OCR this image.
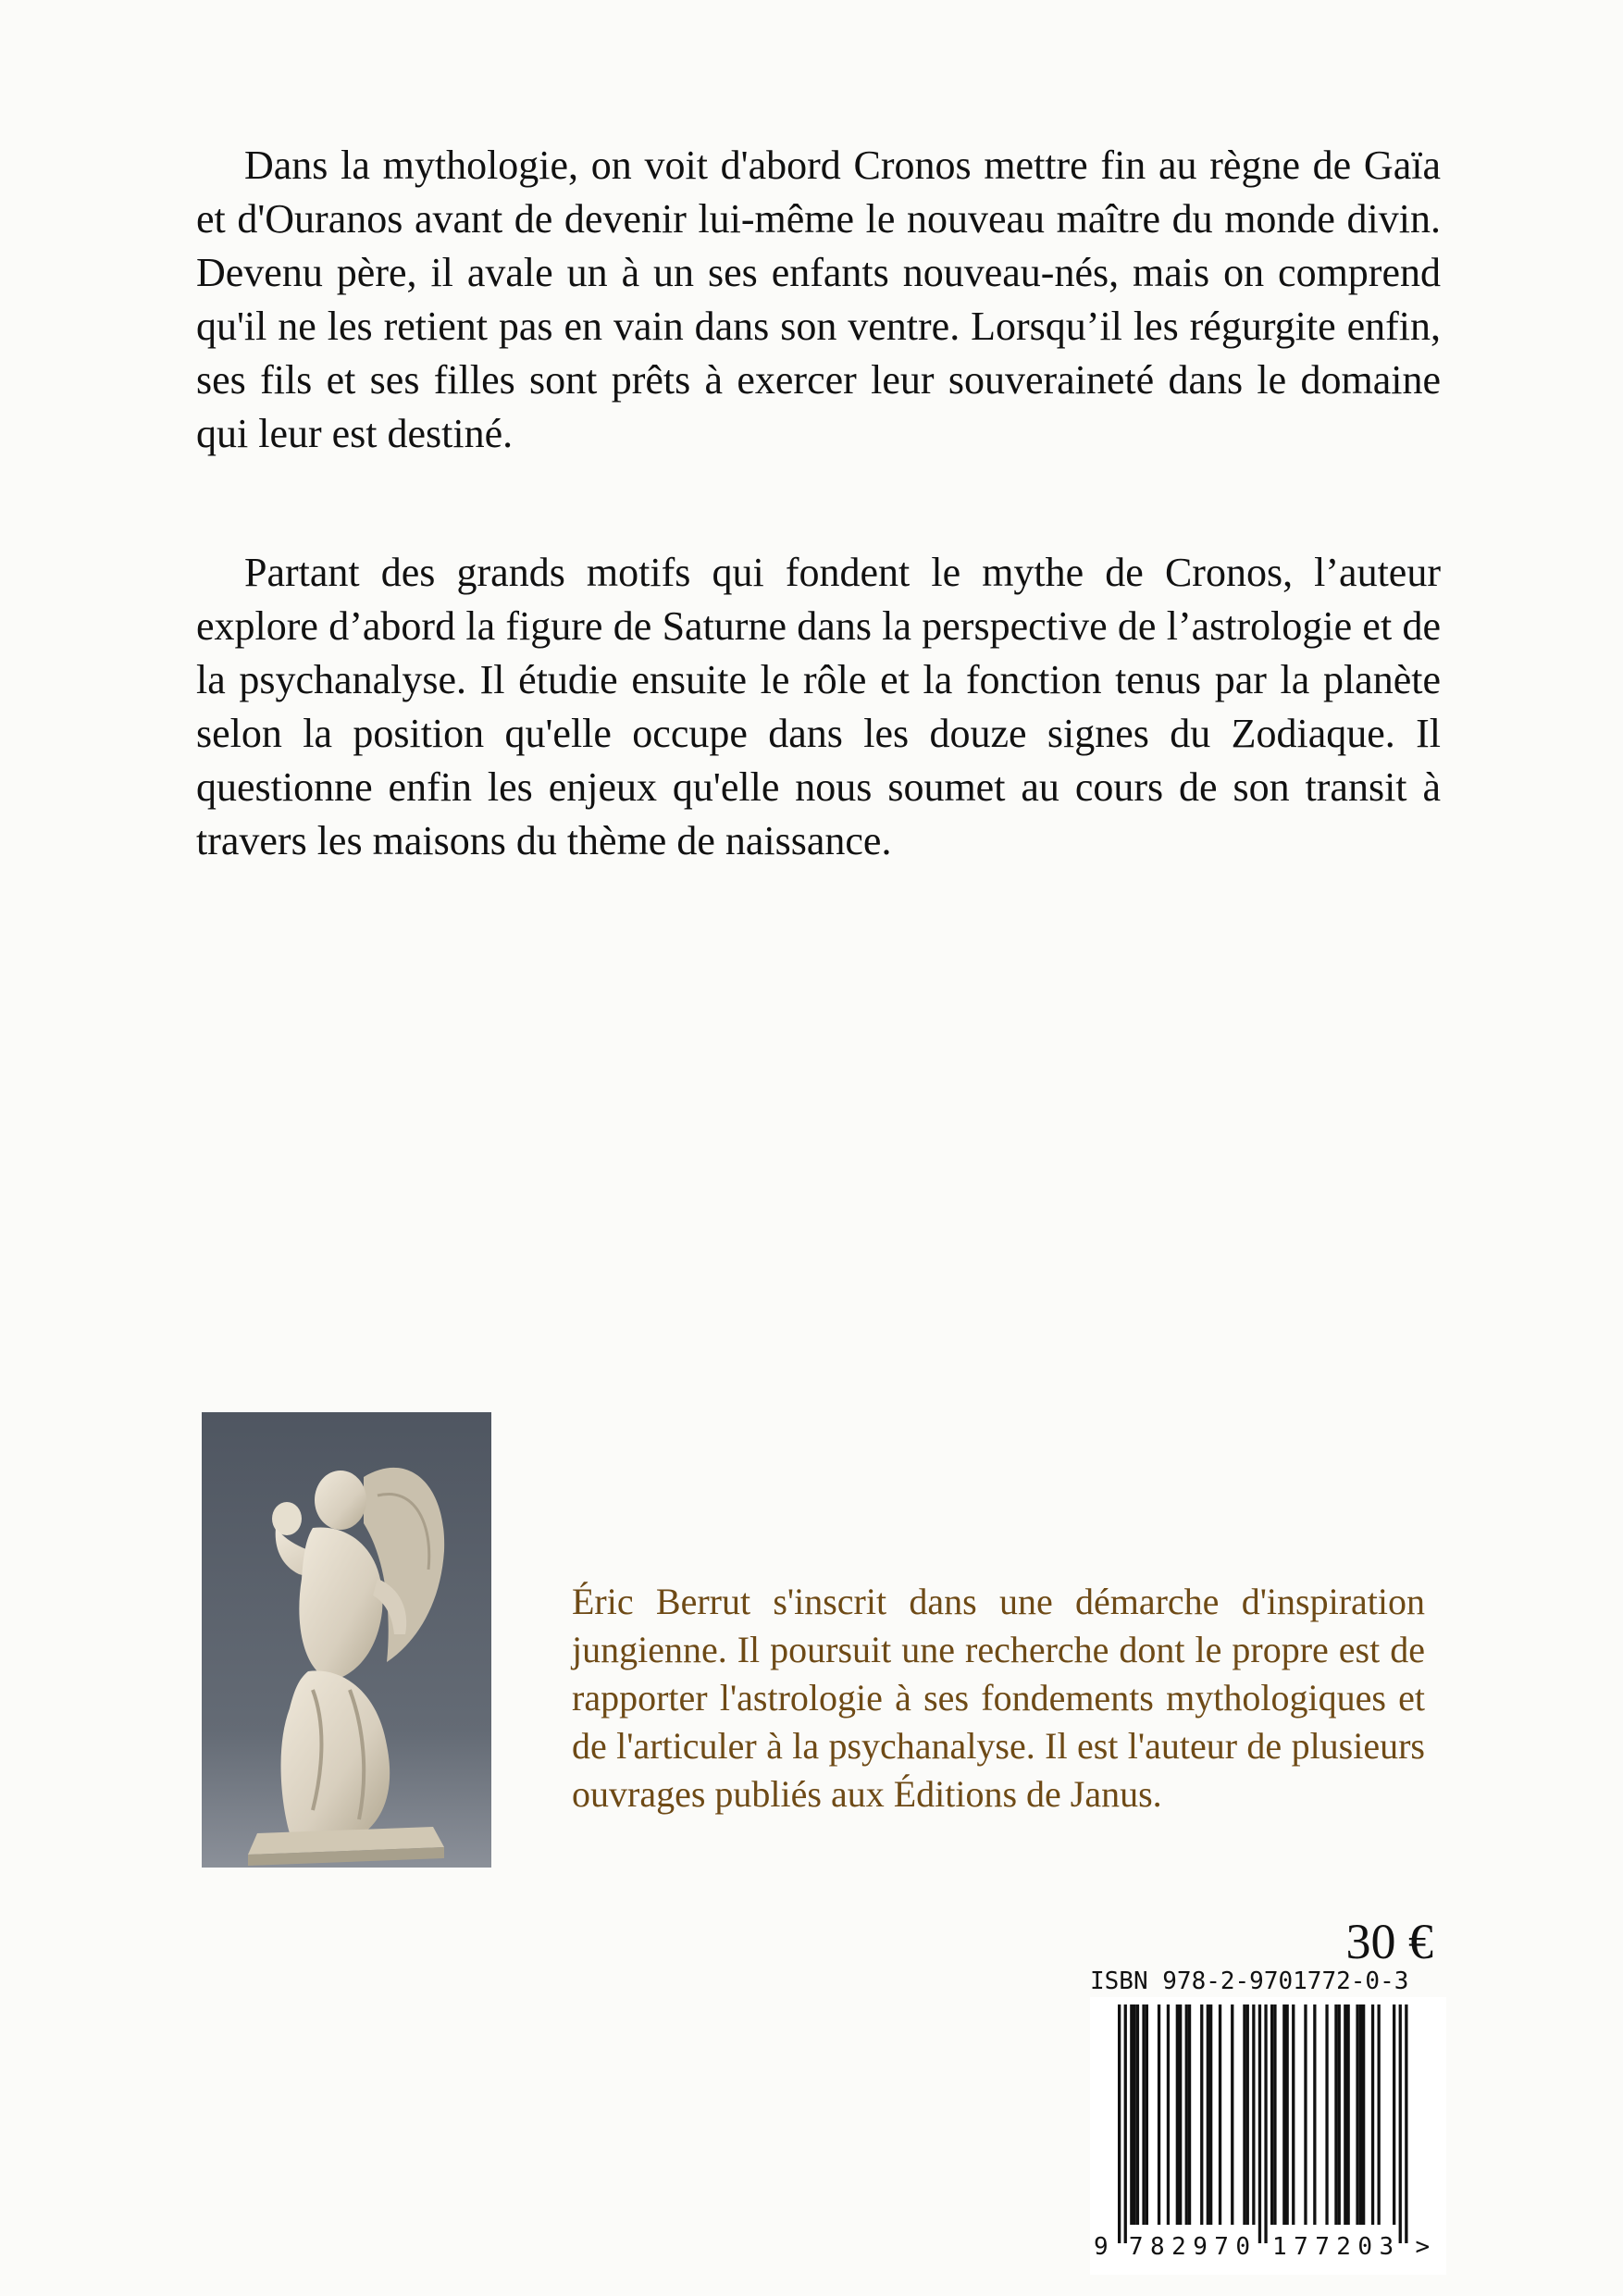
Dans la mythologie, on voit d'abord Cronos mettre fin au règne de Gaïa et d'Ouranos avant de devenir lui-même le nouveau maître du monde divin. Devenu père, il avale un à un ses enfants nouveau-nés, mais on comprend qu'il ne les retient pas en vain dans son ventre. Lorsqu’il les régurgite enfin, ses fils et ses filles sont prêts à exercer leur souveraineté dans le domaine qui leur est destiné.

Partant des grands motifs qui fondent le mythe de Cronos, l’auteur explore d’abord la figure de Saturne dans la perspective de l’astrologie et de la psychanalyse. Il étudie ensuite le rôle et la fonction tenus par la planète selon la position qu'elle occupe dans les douze signes du Zodiaque. Il questionne enfin les enjeux qu'elle nous soumet au cours de son transit à travers les maisons du thème de naissance.

Éric Berrut s'inscrit dans une démarche d'inspiration jungienne. Il poursuit une recherche dont le propre est de rapporter l'astrologie à ses fondements mythologiques et de l'articuler à la psychanalyse. Il est l'auteur de plusieurs ouvrages publiés aux Éditions de Janus.

30 €
ISBN 978-2-9701772-0-3
9 7 8 2 9 7 0 1 7 7 2 0 3 >
